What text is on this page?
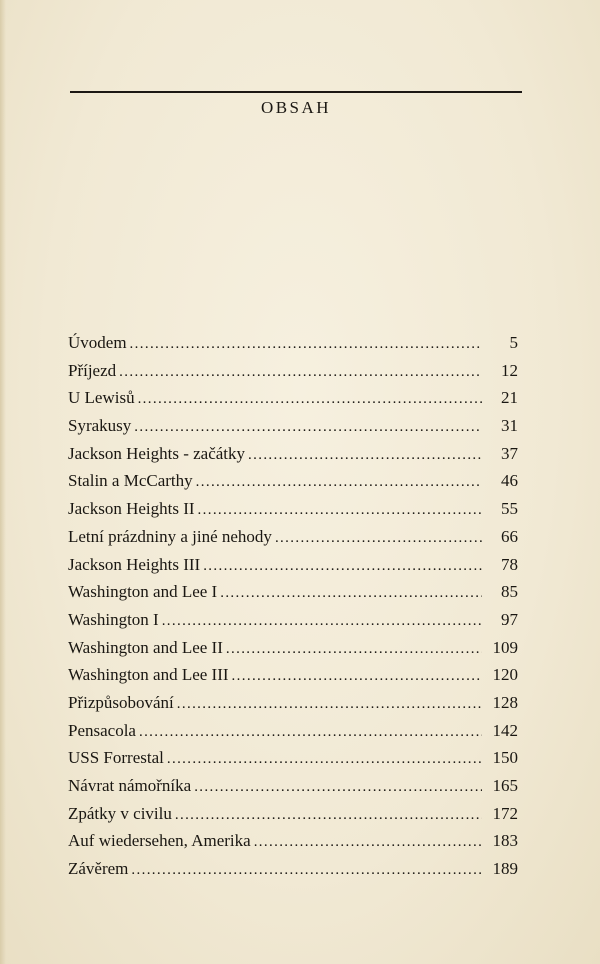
OBSAH
Úvodem . . .	5
Příjezd . . .	12
U Lewisů . . .	21
Syrakusy . . .	31
Jackson Heights - začátky . . .	37
Stalin a McCarthy . . .	46
Jackson Heights II . . .	55
Letní prázdniny a jiné nehody . . .	66
Jackson Heights III . . .	78
Washington and Lee I . . .	85
Washington I . . .	97
Washington and Lee II . . .	109
Washington and Lee III . . .	120
Přizpůsobování . . .	128
Pensacola . . .	142
USS Forrestal . . .	150
Návrat námořníka . . .	165
Zpátky v civilu . . .	172
Auf wiedersehen, Amerika . . .	183
Závěrem . . .	189
